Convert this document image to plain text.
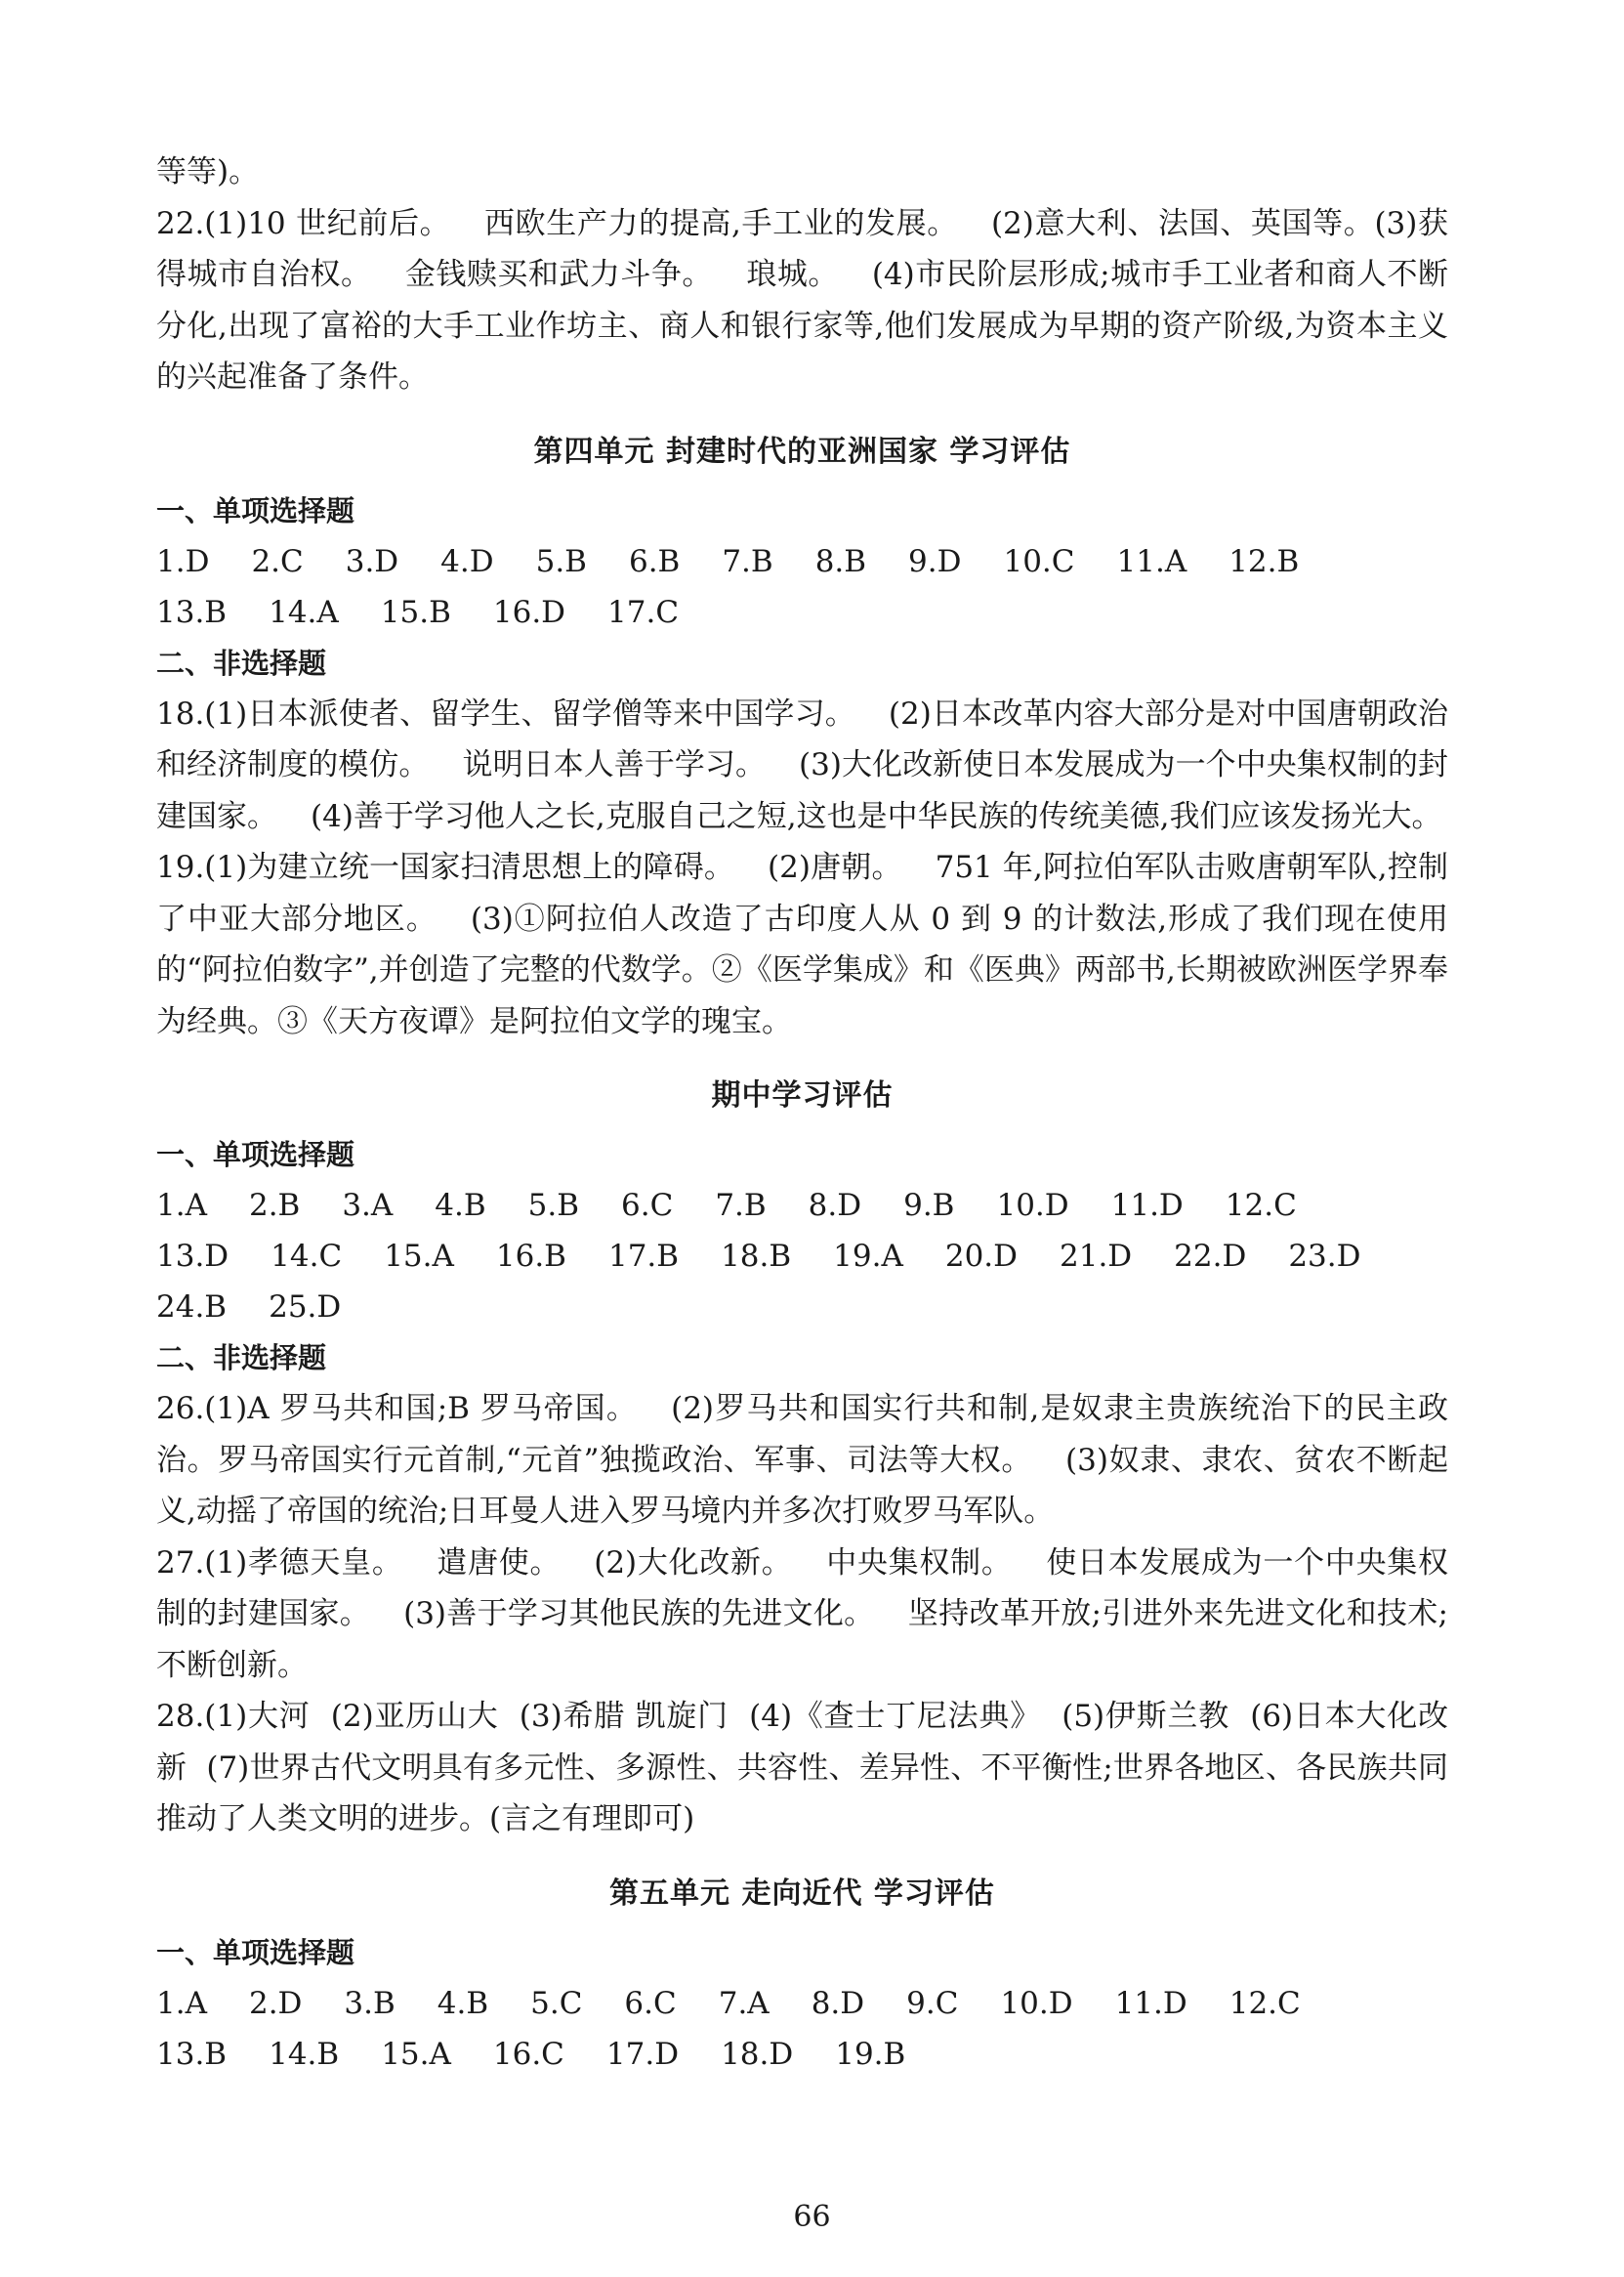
等等)。

22.(1)10 世纪前后。 西欧生产力的提高,手工业的发展。 (2)意大利、法国、英国等。(3)获得城市自治权。 金钱赎买和武力斗争。 琅城。 (4)市民阶层形成;城市手工业者和商人不断分化,出现了富裕的大手工业作坊主、商人和银行家等,他们发展成为早期的资产阶级,为资本主义的兴起准备了条件。

第四单元 封建时代的亚洲国家 学习评估
一、单项选择题
1.D 2.C 3.D 4.D 5.B 6.B 7.B 8.B 9.D 10.C 11.A 12.B
13.B 14.A 15.B 16.D 17.C
二、非选择题

18.(1)日本派使者、留学生、留学僧等来中国学习。 (2)日本改革内容大部分是对中国唐朝政治和经济制度的模仿。 说明日本人善于学习。 (3)大化改新使日本发展成为一个中央集权制的封建国家。 (4)善于学习他人之长,克服自己之短,这也是中华民族的传统美德,我们应该发扬光大。

19.(1)为建立统一国家扫清思想上的障碍。 (2)唐朝。 751 年,阿拉伯军队击败唐朝军队,控制了中亚大部分地区。 (3)①阿拉伯人改造了古印度人从 0 到 9 的计数法,形成了我们现在使用的“阿拉伯数字”,并创造了完整的代数学。②《医学集成》和《医典》两部书,长期被欧洲医学界奉为经典。③《天方夜谭》是阿拉伯文学的瑰宝。

期中学习评估
一、单项选择题
1.A 2.B 3.A 4.B 5.B 6.C 7.B 8.D 9.B 10.D 11.D 12.C
13.D 14.C 15.A 16.B 17.B 18.B 19.A 20.D 21.D 22.D 23.D
24.B 25.D
二、非选择题

26.(1)A 罗马共和国;B 罗马帝国。 (2)罗马共和国实行共和制,是奴隶主贵族统治下的民主政治。罗马帝国实行元首制,“元首”独揽政治、军事、司法等大权。 (3)奴隶、隶农、贫农不断起义,动摇了帝国的统治;日耳曼人进入罗马境内并多次打败罗马军队。

27.(1)孝德天皇。 遣唐使。 (2)大化改新。 中央集权制。 使日本发展成为一个中央集权制的封建国家。 (3)善于学习其他民族的先进文化。 坚持改革开放;引进外来先进文化和技术;不断创新。

28.(1)大河 (2)亚历山大 (3)希腊 凯旋门 (4)《查士丁尼法典》 (5)伊斯兰教 (6)日本大化改新 (7)世界古代文明具有多元性、多源性、共容性、差异性、不平衡性;世界各地区、各民族共同推动了人类文明的进步。(言之有理即可)

第五单元 走向近代 学习评估
一、单项选择题
1.A 2.D 3.B 4.B 5.C 6.C 7.A 8.D 9.C 10.D 11.D 12.C
13.B 14.B 15.A 16.C 17.D 18.D 19.B
66
